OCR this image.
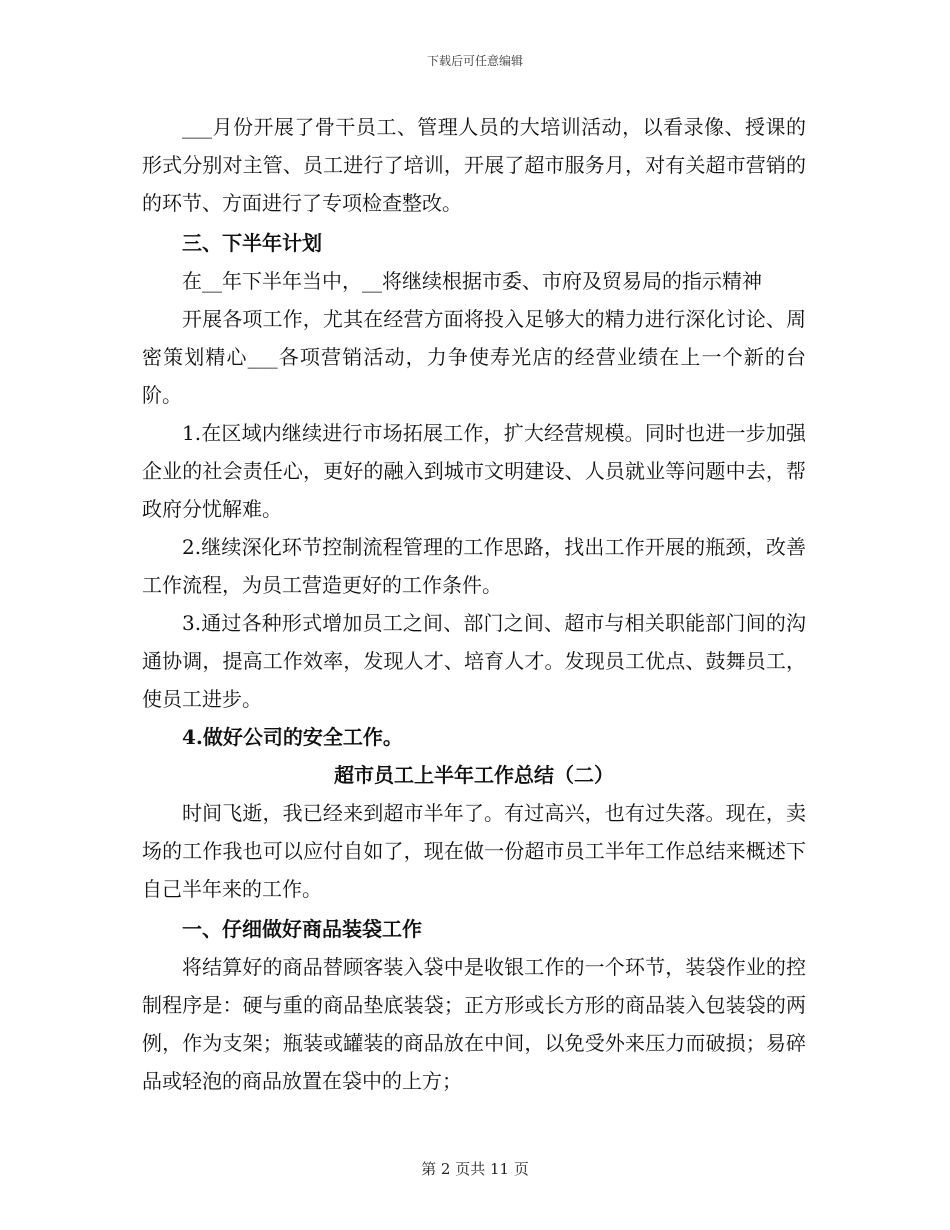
下载后可任意编辑

___月份开展了骨干员工、管理人员的大培训活动，以看录像、授课的形式分别对主管、员工进行了培训，开展了超市服务月，对有关超市营销的的环节、方面进行了专项检查整改。

三、下半年计划

在__年下半年当中，__将继续根据市委、市府及贸易局的指示精神

开展各项工作，尤其在经营方面将投入足够大的精力进行深化讨论、周密策划精心___各项营销活动，力争使寿光店的经营业绩在上一个新的台阶。

1.在区域内继续进行市场拓展工作，扩大经营规模。同时也进一步加强企业的社会责任心，更好的融入到城市文明建设、人员就业等问题中去，帮政府分忧解难。

2.继续深化环节控制流程管理的工作思路，找出工作开展的瓶颈，改善工作流程，为员工营造更好的工作条件。

3.通过各种形式增加员工之间、部门之间、超市与相关职能部门间的沟通协调，提高工作效率，发现人才、培育人才。发现员工优点、鼓舞员工，使员工进步。

4.做好公司的安全工作。

超市员工上半年工作总结（二）

时间飞逝，我已经来到超市半年了。有过高兴，也有过失落。现在，卖场的工作我也可以应付自如了，现在做一份超市员工半年工作总结来概述下自己半年来的工作。

一、仔细做好商品装袋工作

将结算好的商品替顾客装入袋中是收银工作的一个环节，装袋作业的控制程序是：硬与重的商品垫底装袋；正方形或长方形的商品装入包装袋的两例，作为支架；瓶装或罐装的商品放在中间，以免受外来压力而破损；易碎品或轻泡的商品放置在袋中的上方；

第 2 页共 11 页
